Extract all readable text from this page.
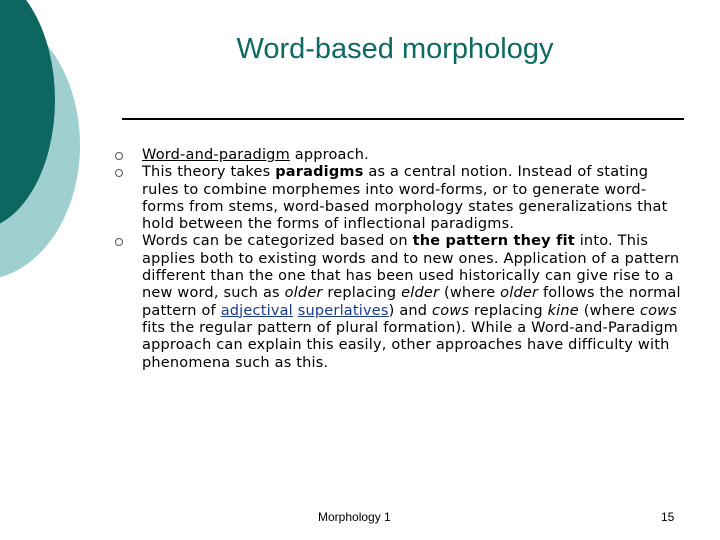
Word-based morphology
Word-and-paradigm approach.
This theory takes paradigms as a central notion. Instead of stating rules to combine morphemes into word-forms, or to generate word-forms from stems, word-based morphology states generalizations that hold between the forms of inflectional paradigms.
Words can be categorized based on the pattern they fit into. This applies both to existing words and to new ones. Application of a pattern different than the one that has been used historically can give rise to a new word, such as older replacing elder (where older follows the normal pattern of adjectival superlatives) and cows replacing kine (where cows fits the regular pattern of plural formation). While a Word-and-Paradigm approach can explain this easily, other approaches have difficulty with phenomena such as this.
Morphology 1	15
